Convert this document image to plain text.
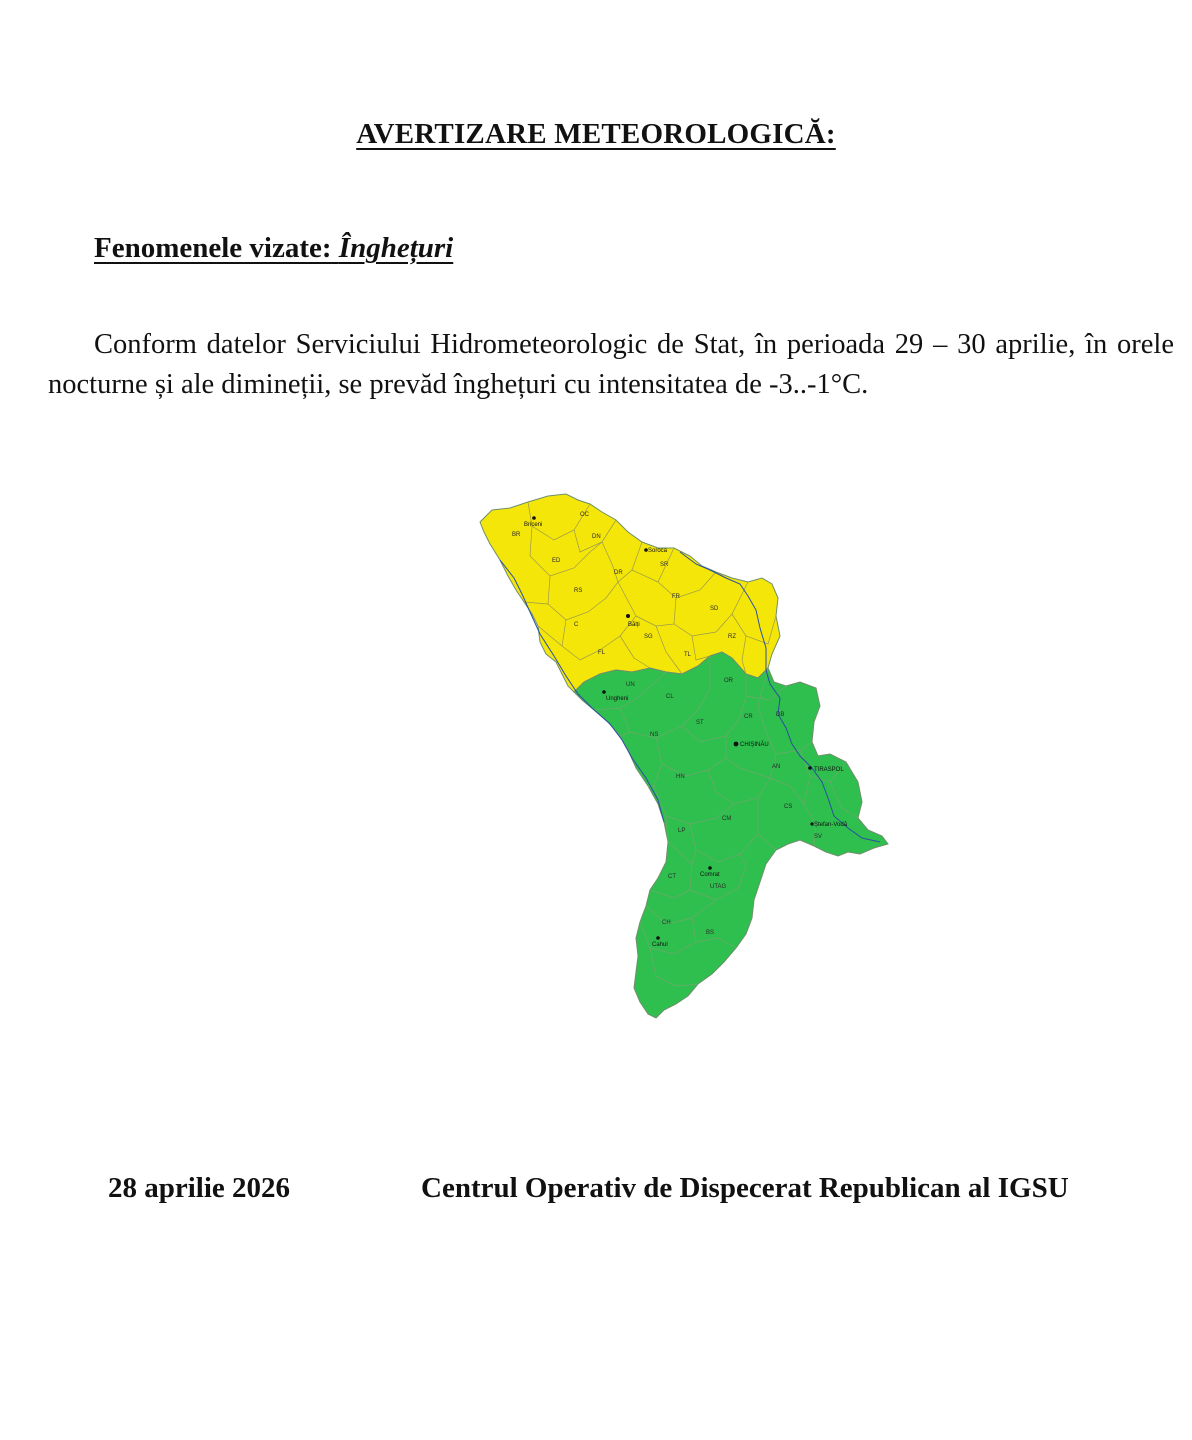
AVERTIZARE METEOROLOGICĂ:
Fenomenele vizate: Înghețuri
Conform datelor Serviciului Hidrometeorologic de Stat, în perioada 29 – 30 aprilie, în orele nocturne și ale dimineții, se prevăd înghețuri cu intensitatea de -3..-1°C.
OC
BR	DN
ED
SR
DR
RS
FR
SD
C
SG
FL
RZ
TL
UN
CL
OR
NS
CR	DB
ST
HN
AN
CS
CM
SV
LP
CT
UTAG
CH
BS
Briceni
Soroca
Bălți
Ungheni
CHIȘINĂU
TIRASPOL
Ștefan-Vodă
Comrat
Cahul
28 aprilie 2026	Centrul Operativ de Dispecerat Republican al IGSU
